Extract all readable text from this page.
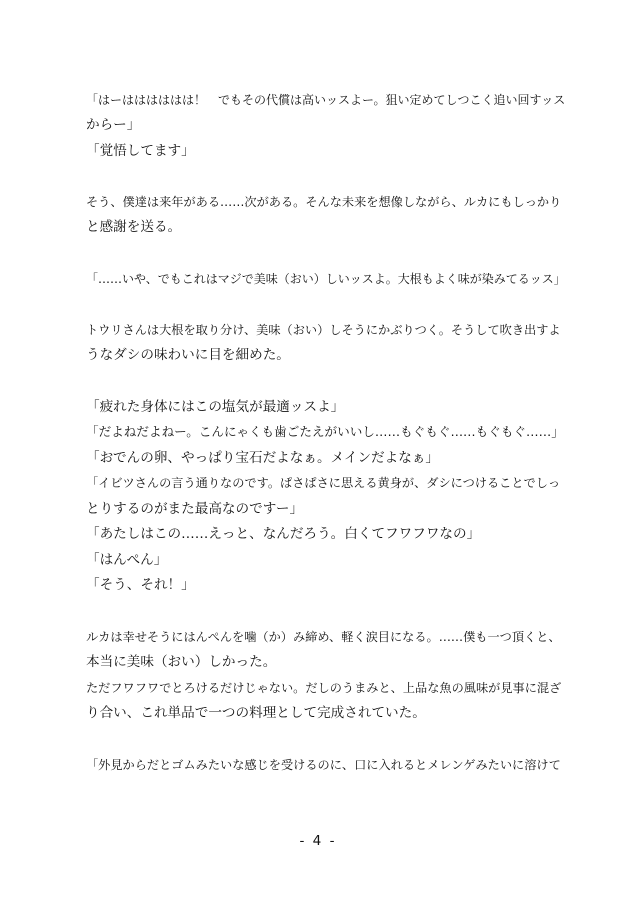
「はーはははははは！　でもその代償は高いッスよー。狙い定めてしつこく追い回すッス
からー」
「覚悟してます」
そう、僕達は来年がある……次がある。そんな未来を想像しながら、ルカにもしっかり
と感謝を送る。
「……いや、でもこれはマジで美味（おい）しいッスよ。大根もよく味が染みてるッス」
トウリさんは大根を取り分け、美味（おい）しそうにかぶりつく。そうして吹き出すよ
うなダシの味わいに目を細めた。
「疲れた身体にはこの塩気が最適ッスよ」
「だよねだよねー。こんにゃくも歯ごたえがいいし……もぐもぐ……もぐもぐ……」
「おでんの卵、やっぱり宝石だよなぁ。メインだよなぁ」
「イビツさんの言う通りなのです。ぱさぱさに思える黄身が、ダシにつけることでしっ
とりするのがまた最高なのですー」
「あたしはこの……えっと、なんだろう。白くてフワフワなの」
「はんぺん」
「そう、それ！」
ルカは幸せそうにはんぺんを噛（か）み締め、軽く涙目になる。……僕も一つ頂くと、
本当に美味（おい）しかった。
ただフワフワでとろけるだけじゃない。だしのうまみと、上品な魚の風味が見事に混ざ
り合い、これ単品で一つの料理として完成されていた。
「外見からだとゴムみたいな感じを受けるのに、口に入れるとメレンゲみたいに溶けて
- 4 -
